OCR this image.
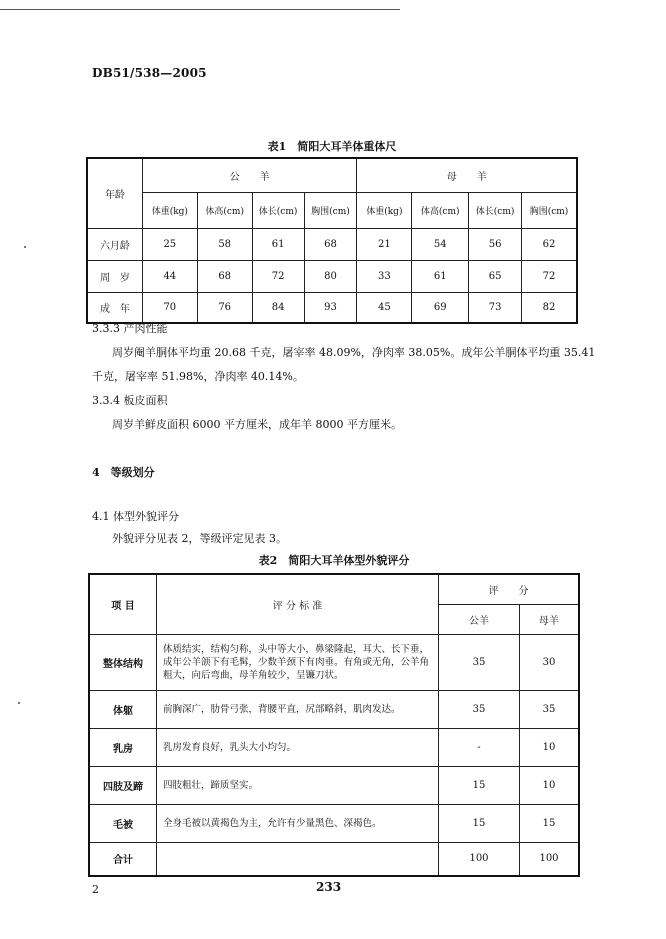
DB51/538—2005
表1　简阳大耳羊体重体尺
年龄	公　　羊				母　　羊			
	体重(kg)	体高(cm)	体长(cm)	胸围(cm)	体重(kg)	体高(cm)	体长(cm)	胸围(cm)
六月龄	25	58	61	68	21	54	56	62
周　岁	44	68	72	80	33	61	65	72
成　年	70	76	84	93	45	69	73	82
3.3.3 产肉性能
周岁阉羊胴体平均重 20.68 千克，屠宰率 48.09%，净肉率 38.05%。成年公羊胴体平均重 35.41
千克，屠宰率 51.98%，净肉率 40.14%。
3.3.4 板皮面积
周岁羊鲜皮面积 6000 平方厘米，成年羊 8000 平方厘米。
4　等级划分
4.1 体型外貌评分
外貌评分见表 2，等级评定见表 3。
表2　简阳大耳羊体型外貌评分
项 目	评 分 标 准	评　　分	
		公羊	母羊
整体结构	体质结实，结构匀称，头中等大小，鼻梁隆起，耳大、长下垂，成年公羊颌下有毛髯，少数羊颈下有肉垂。有角或无角，公羊角粗大，向后弯曲，母羊角较少，呈镰刀状。	35	30
体躯	前胸深广，肋骨弓张，背腰平直，尻部略斜，肌肉发达。	35	35
乳房	乳房发育良好，乳头大小均匀。	-	10
四肢及蹄	四肢粗壮，蹄质坚实。	15	10
毛被	全身毛被以黄褐色为主，允许有少量黑色、深褐色。	15	15
合计		100	100
2	233
